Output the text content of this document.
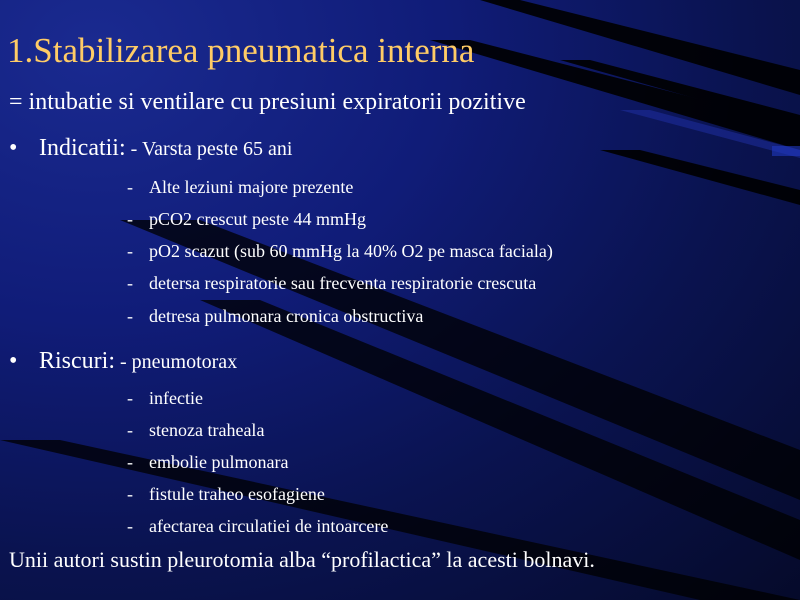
1.Stabilizarea pneumatica interna
= intubatie si ventilare cu presiuni expiratorii pozitive
• Indicatii: - Varsta peste 65 ani
- Alte leziuni majore prezente
- pCO2 crescut peste 44 mmHg
- pO2 scazut (sub 60 mmHg la 40% O2 pe masca faciala)
- detersa respiratorie sau frecventa respiratorie crescuta
- detresa pulmonara cronica obstructiva
• Riscuri: - pneumotorax
- infectie
- stenoza traheala
- embolie pulmonara
- fistule traheo esofagiene
- afectarea circulatiei de intoarcere
Unii autori sustin pleurotomia alba “profilactica” la acesti bolnavi.
